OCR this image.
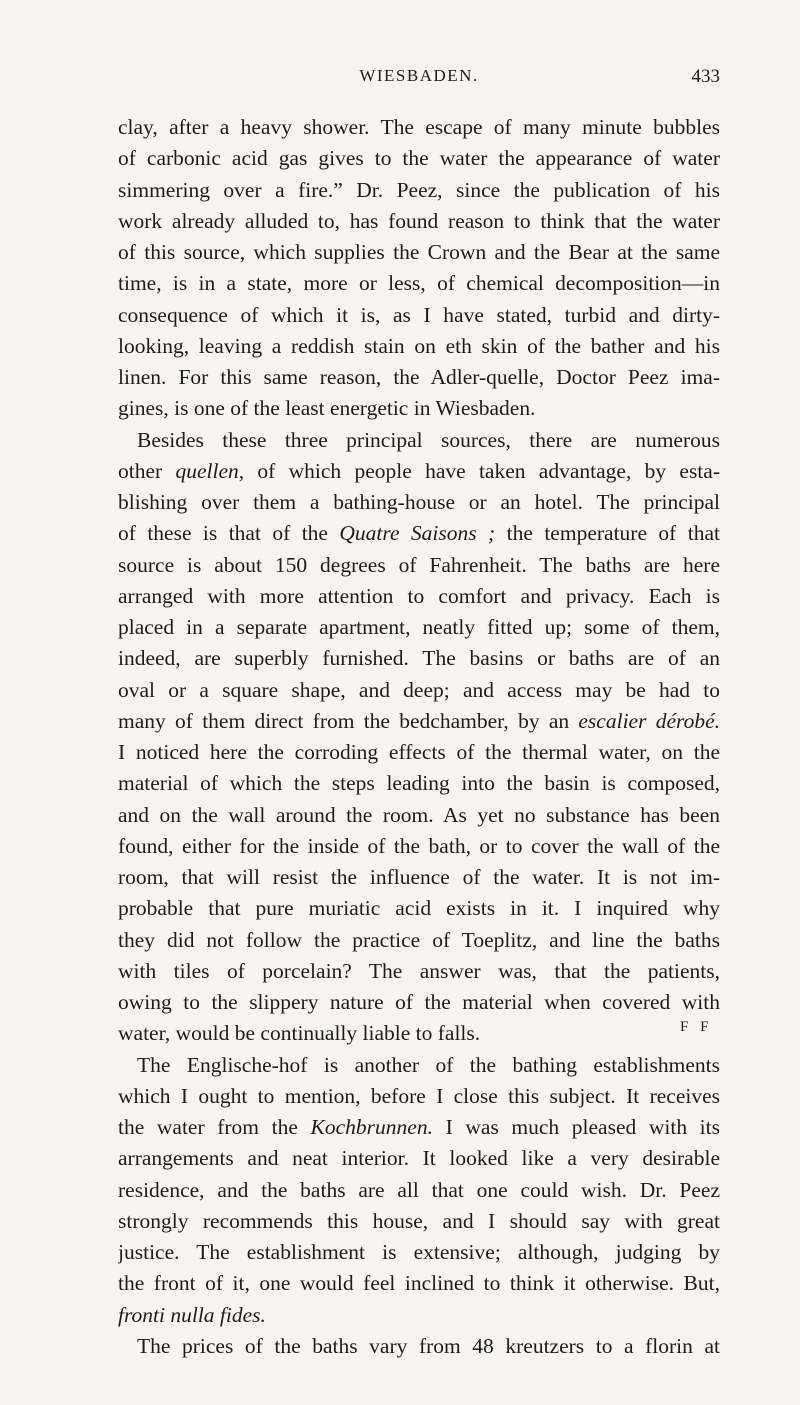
WIESBADEN.	433
clay, after a heavy shower. The escape of many minute bubbles
of carbonic acid gas gives to the water the appearance of water
simmering over a fire.” Dr. Peez, since the publication of his
work already alluded to, has found reason to think that the water
of this source, which supplies the Crown and the Bear at the same
time, is in a state, more or less, of chemical decomposition—in
consequence of which it is, as I have stated, turbid and dirty-
looking, leaving a reddish stain on eth skin of the bather and his
linen. For this same reason, the Adler-quelle, Doctor Peez ima-
gines, is one of the least energetic in Wiesbaden.
Besides these three principal sources, there are numerous
other quellen, of which people have taken advantage, by esta-
blishing over them a bathing-house or an hotel. The principal
of these is that of the Quatre Saisons ; the temperature of that
source is about 150 degrees of Fahrenheit. The baths are here
arranged with more attention to comfort and privacy. Each is
placed in a separate apartment, neatly fitted up; some of them,
indeed, are superbly furnished. The basins or baths are of an
oval or a square shape, and deep; and access may be had to
many of them direct from the bedchamber, by an escalier dérobé.
I noticed here the corroding effects of the thermal water, on the
material of which the steps leading into the basin is composed,
and on the wall around the room. As yet no substance has been
found, either for the inside of the bath, or to cover the wall of the
room, that will resist the influence of the water. It is not im-
probable that pure muriatic acid exists in it. I inquired why
they did not follow the practice of Toeplitz, and line the baths
with tiles of porcelain? The answer was, that the patients,
owing to the slippery nature of the material when covered with
water, would be continually liable to falls.
The Englische-hof is another of the bathing establishments
which I ought to mention, before I close this subject. It receives
the water from the Kochbrunnen. I was much pleased with its
arrangements and neat interior. It looked like a very desirable
residence, and the baths are all that one could wish. Dr. Peez
strongly recommends this house, and I should say with great
justice. The establishment is extensive; although, judging by
the front of it, one would feel inclined to think it otherwise. But,
fronti nulla fides.
The prices of the baths vary from 48 kreutzers to a florin at
F F
